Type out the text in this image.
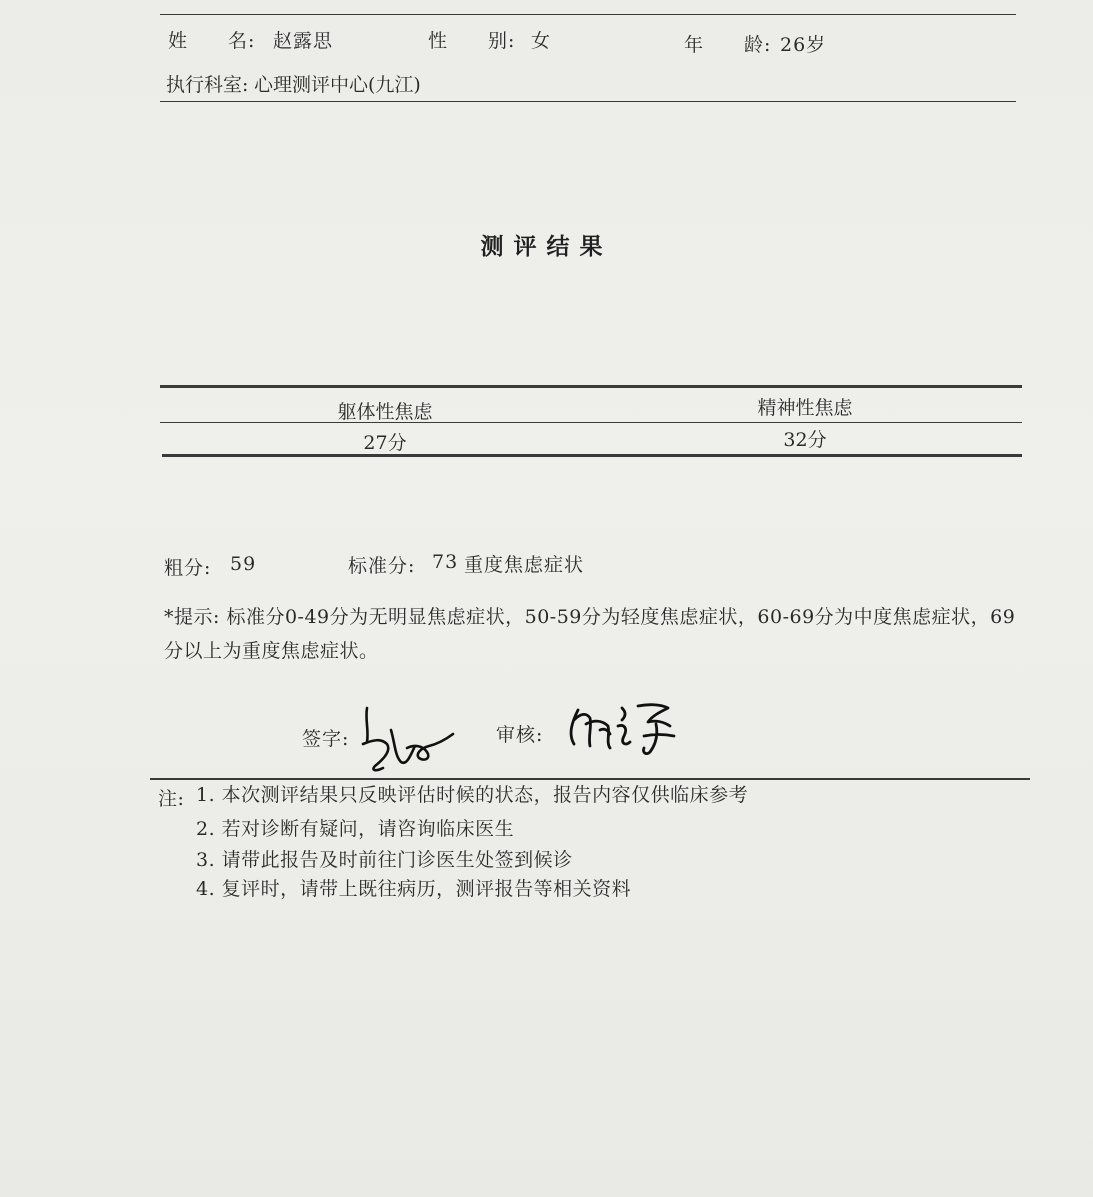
姓　　名: 赵露思	性　　别: 女	年　　龄: 26岁
执行科室: 心理测评中心(九江)
测评结果
躯体性焦虑	精神性焦虑
27分	32分
粗分: 59	标准分: 73 重度焦虑症状
*提示: 标准分0-49分为无明显焦虑症状，50-59分为轻度焦虑症状，60-69分为中度焦虑症状，69分以上为重度焦虑症状。
签字:	审核:
注: 1. 本次测评结果只反映评估时候的状态，报告内容仅供临床参考
2. 若对诊断有疑问，请咨询临床医生
3. 请带此报告及时前往门诊医生处签到候诊
4. 复评时，请带上既往病历，测评报告等相关资料
